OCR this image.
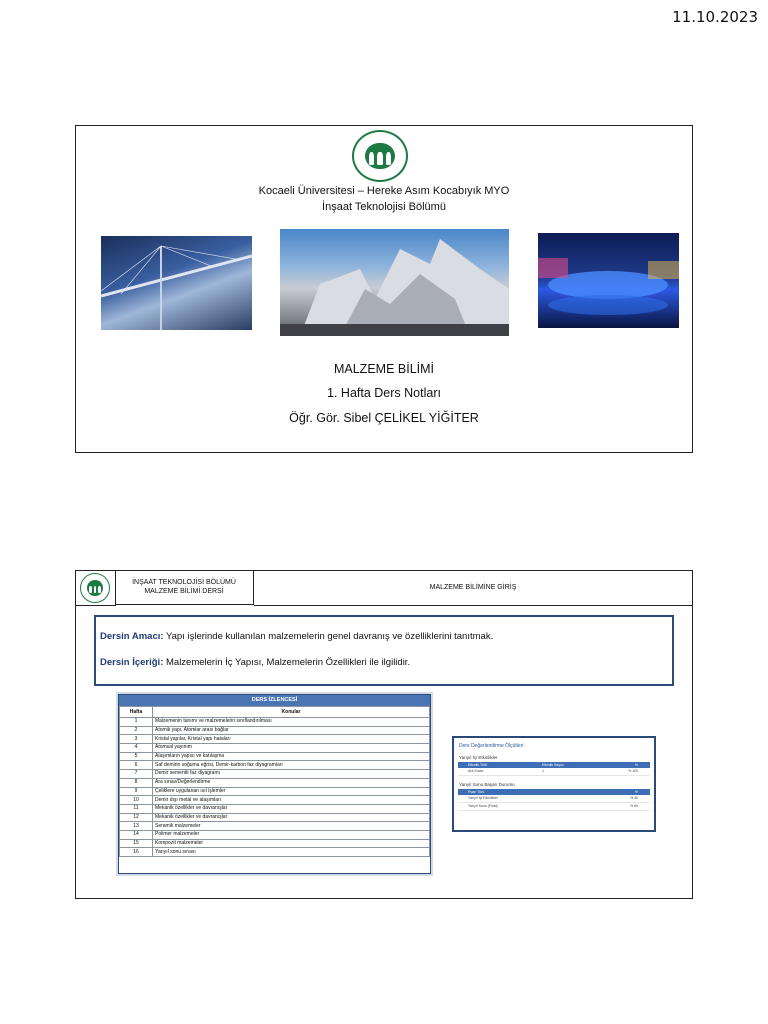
11.10.2023
Kocaeli Üniversitesi – Hereke Asım Kocabıyık MYO
İnşaat Teknolojisi Bölümü
MALZEME BİLİMİ
1. Hafta Ders Notları
Öğr. Gör. Sibel ÇELİKEL YİĞİTER
İNŞAAT TEKNOLOJİSİ BÖLÜMÜ
MALZEME BİLİMİ DERSİ
MALZEME BİLİMİNE GİRİŞ
Dersin Amacı: Yapı işlerinde kullanılan malzemelerin genel davranış ve özelliklerini tanıtmak.
Dersin İçeriği: Malzemelerin İç Yapısı, Malzemelerin Özellikleri ile ilgilidir.
DERS İZLENCESİ
Hafta	Konular
1	Malzemenin tanımı ve malzemelerin sınıflandırılması
2	Atomik yapı, Atomlar arası bağlar
3	Kristal yapılar, Kristal yapı hataları
4	Atomsal yayınım
5	Alaşımların yapısı ve katılaşma
6	Saf demirin soğuma eğrisi, Demir-karbon faz diyagramları
7	Demir sementit faz diyagramı
8	Ara sınav/Değerlendirme
9	Çeliklere uygulanan ısıl işlemler
10	Demir dışı metal ve alaşımları
11	Mekanik özellikler ve davranışlar
12	Mekanik özellikler ve davranışlar
13	Seramik malzemeler
14	Polimer malzemeler
15	Kompozit malzemeler
16	Yarıyıl sonu sınavı
Ders Değerlendirme Ölçütleri
Yarıyıl İçi Etkinlikler
Etkinlik Türü	Etkinlik Sayısı	%
Ara Sınav	1	% 100
Yarıyıl Sonu Başarı Durumu
Puan Türü	%
Yarıyıl İçi Etkinlikler	% 40
Yarıyıl Sonu (Final)	% 60
